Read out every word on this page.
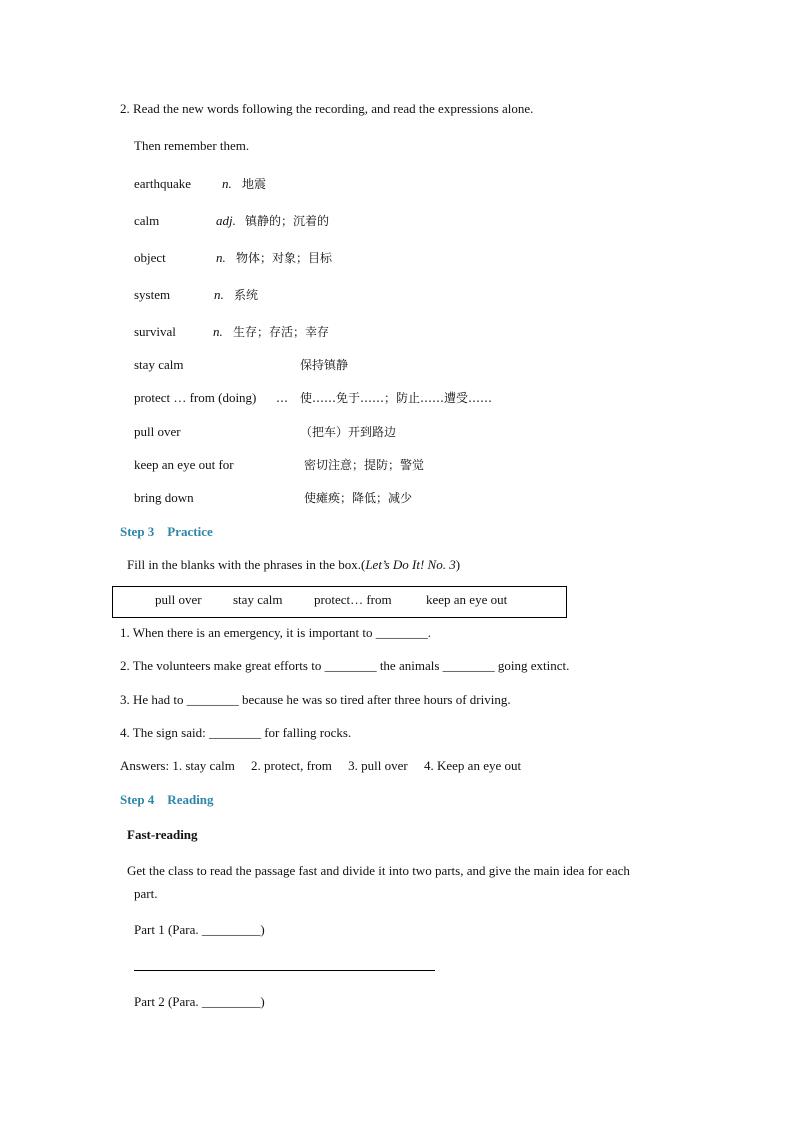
2. Read the new words following the recording, and read the expressions alone.
Then remember them.
earthquake n. 地震
calm	adj. 镇静的；沉着的
object	n. 物体；对象；目标
system	n. 系统
survival	n. 生存；存活；幸存
stay calm	保持镇静
protect … from (doing) …　使……免于……；防止……遭受……
pull over	（把车）开到路边
keep an eye out for	密切注意；提防；警觉
bring down	使瘫痪；降低；减少
Step 3　Practice
Fill in the blanks with the phrases in the box.(Let’s Do It! No. 3)
pull over stay calm protect… from	keep an eye out
1. When there is an emergency, it is important to ________.
2. The volunteers make great efforts to ________ the animals ________ going extinct.
3. He had to ________ because he was so tired after three hours of driving.
4. The sign said: ________ for falling rocks.
Answers: 1. stay calm　 2. protect, from　 3. pull over　 4. Keep an eye out
Step 4　Reading
Fast-reading
Get the class to read the passage fast and divide it into two parts, and give the main idea for each
part.
Part 1 (Para. _________)
Part 2 (Para. _________)
